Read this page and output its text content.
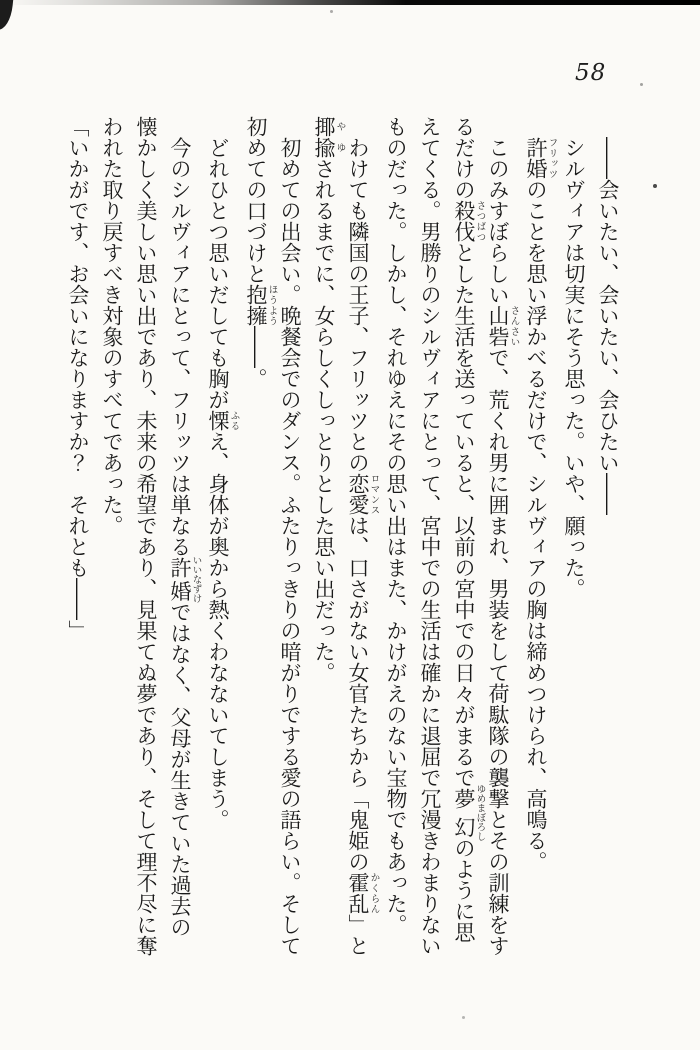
58

――会いたい、会いたい、会ひたい――

シルヴィアは切実にそう思った。いや、願った。

許婚フリッツのことを思い浮かべるだけで、シルヴィアの胸は締めつけられ、高鳴る。

このみすぼらしい山砦さんさいで、荒くれ男に囲まれ、男装をして荷駄隊の襲撃とその訓練をするだけの殺伐さつばつとした生活を送っていると、以前の宮中での日々がまるで夢幻ゆめまぼろしのように思えてくる。男勝りのシルヴィアにとって、宮中での生活は確かに退屈で冗漫きわまりないものだった。しかし、それゆえにその思い出はまた、かけがえのない宝物でもあった。

わけても隣国の王子、フリッツとの恋愛ロマンスは、口さがない女官たちから「鬼姫の霍乱かくらん」と揶揄やゆされるまでに、女らしくしっとりとした思い出だった。

初めての出会い。晩餐会でのダンス。ふたりっきりの暗がりでする愛の語らい。そして初めての口づけと抱擁ほうよう――。

どれひとつ思いだしても胸が慄ふるえ、身体が奥から熱くわなないてしまう。

今のシルヴィアにとって、フリッツは単なる許婚いいなずけではなく、父母が生きていた過去の懐かしく美しい思い出であり、未来の希望であり、見果てぬ夢であり、そして理不尽に奪われた取り戻すべき対象のすべてであった。

「いかがです、お会いになりますか？　それとも――」
